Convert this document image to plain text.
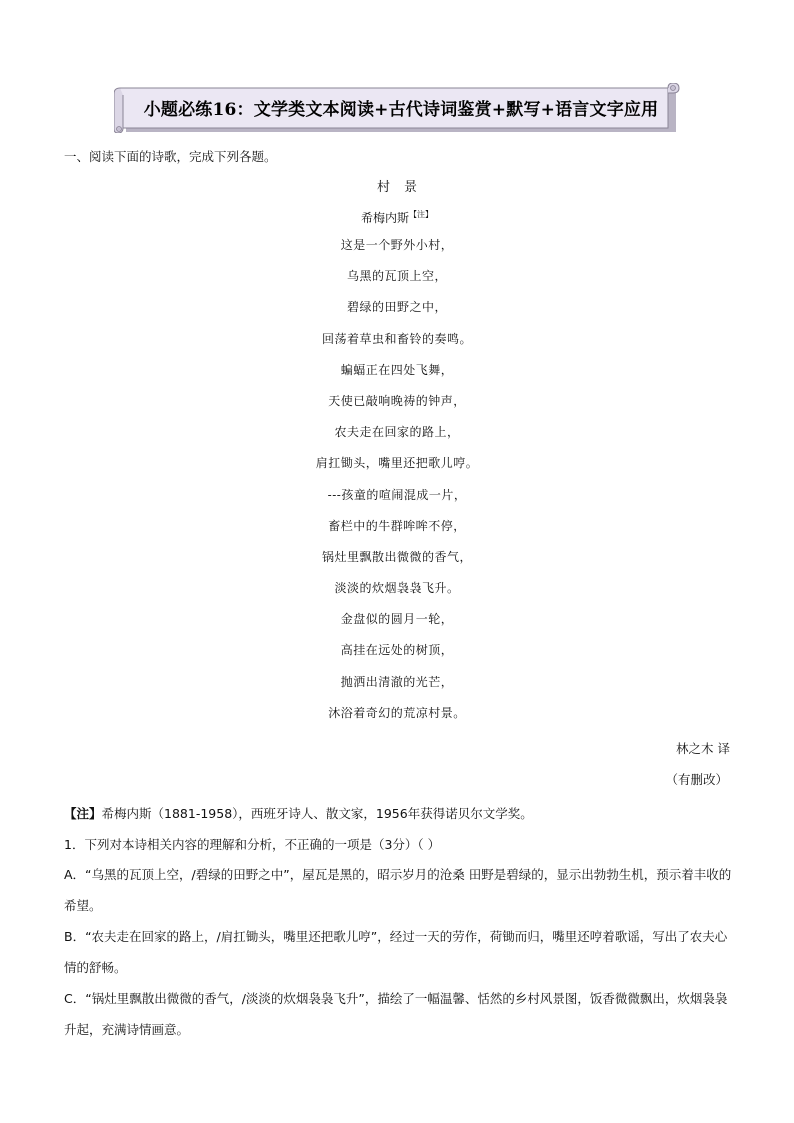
小题必练16：文学类文本阅读+古代诗词鉴赏+默写+语言文字应用
一、阅读下面的诗歌，完成下列各题。
村景
希梅内斯$^{【注】}$
这是一个野外小村，
乌黑的瓦顶上空，
碧绿的田野之中，
回荡着草虫和畜铃的奏鸣。
蝙蝠正在四处飞舞，
天使已敲响晚祷的钟声，
农夫走在回家的路上，
肩扛锄头，嘴里还把歌儿哼。
---孩童的喧闹混成一片，
畜栏中的牛群哞哞不停，
锅灶里飘散出微微的香气，
淡淡的炊烟袅袅飞升。
金盘似的圆月一轮，
高挂在远处的树顶，
抛洒出清澈的光芒，
沐浴着奇幻的荒凉村景。
林之木 译
（有删改）
【注】希梅内斯（1881-1958），西班牙诗人、散文家，1956年获得诺贝尔文学奖。
1．下列对本诗相关内容的理解和分析，不正确的一项是（3分）（ ）
A．“乌黑的瓦顶上空，/碧绿的田野之中”，屋瓦是黑的，昭示岁月的沧桑 田野是碧绿的，显示出勃勃生机，预示着丰收的希望。
B．“农夫走在回家的路上，/肩扛锄头，嘴里还把歌儿哼”，经过一天的劳作，荷锄而归，嘴里还哼着歌谣，写出了农夫心情的舒畅。
C．“锅灶里飘散出微微的香气，/淡淡的炊烟袅袅飞升”，描绘了一幅温馨、恬然的乡村风景图，饭香微微飘出，炊烟袅袅升起，充满诗情画意。
